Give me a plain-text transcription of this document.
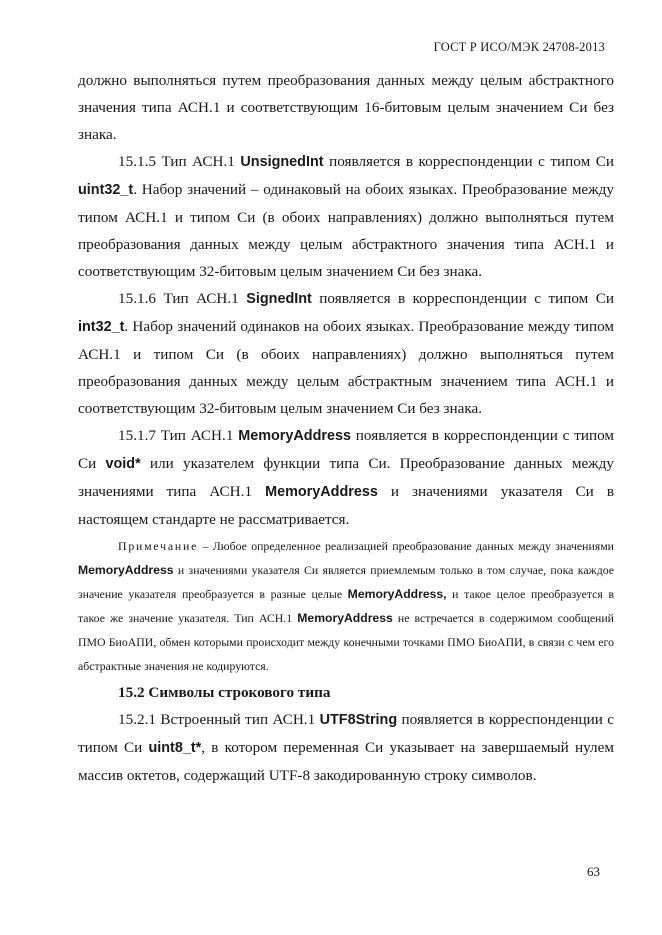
ГОСТ Р ИСО/МЭК 24708-2013

должно выполняться путем преобразования данных между целым абстрактного значения типа АСН.1 и соответствующим 16-битовым целым значением Си без знака.

15.1.5 Тип АСН.1 UnsignedInt появляется в корреспонденции с типом Си uint32_t. Набор значений – одинаковый на обоих языках. Преобразование между типом АСН.1 и типом Си (в обоих направлениях) должно выполняться путем преобразования данных между целым абстрактного значения типа АСН.1 и соответствующим 32-битовым целым значением Си без знака.

15.1.6 Тип АСН.1 SignedInt появляется в корреспонденции с типом Си int32_t. Набор значений одинаков на обоих языках. Преобразование между типом АСН.1 и типом Си (в обоих направлениях) должно выполняться путем преобразования данных между целым абстрактным значением типа АСН.1 и соответствующим 32-битовым целым значением Си без знака.

15.1.7 Тип АСН.1 MemoryAddress появляется в корреспонденции с типом Си void* или указателем функции типа Си. Преобразование данных между значениями типа АСН.1 MemoryAddress и значениями указателя Си в настоящем стандарте не рассматривается.

Примечание – Любое определенное реализацией преобразование данных между значениями MemoryAddress и значениями указателя Си является приемлемым только в том случае, пока каждое значение указателя преобразуется в разные целые MemoryAddress, и такое целое преобразуется в такое же значение указателя. Тип АСН.1 MemoryAddress не встречается в содержимом сообщений ПМО БиоАПИ, обмен которыми происходит между конечными точками ПМО БиоАПИ, в связи с чем его абстрактные значения не кодируются.

15.2 Символы строкового типа

15.2.1 Встроенный тип АСН.1 UTF8String появляется в корреспонденции с типом Си uint8_t*, в котором переменная Си указывает на завершаемый нулем массив октетов, содержащий UTF-8 закодированную строку символов.

63
